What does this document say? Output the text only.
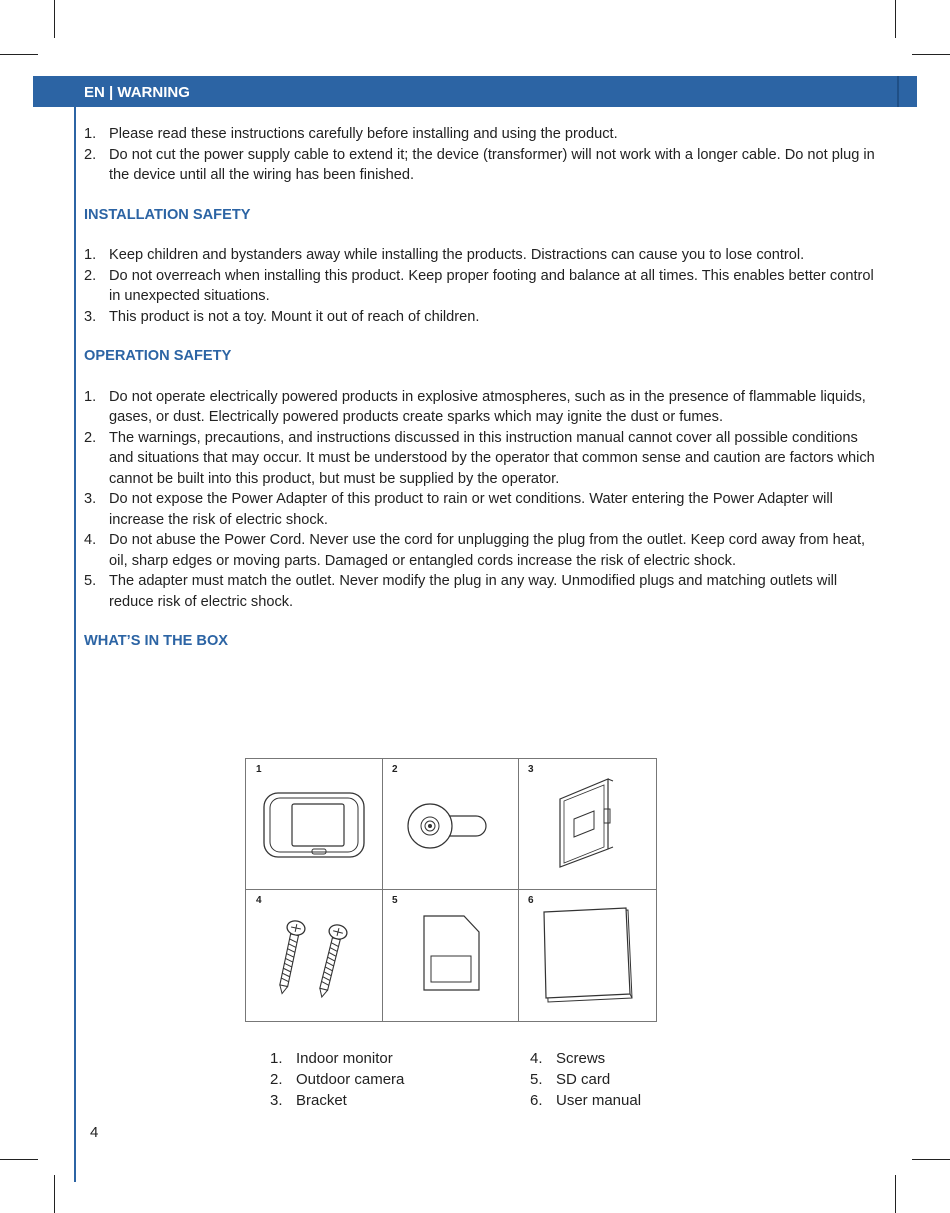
EN | WARNING
1. Please read these instructions carefully before installing and using the product.
2. Do not cut the power supply cable to extend it; the device (transformer) will not work with a longer cable. Do not plug in the device until all the wiring has been finished.
INSTALLATION SAFETY
1. Keep children and bystanders away while installing the products. Distractions can cause you to lose control.
2. Do not overreach when installing this product. Keep proper footing and balance at all times. This enables better control in unexpected situations.
3. This product is not a toy. Mount it out of reach of children.
OPERATION SAFETY
1. Do not operate electrically powered products in explosive atmospheres, such as in the presence of flammable liquids, gases, or dust. Electrically powered products create sparks which may ignite the dust or fumes.
2. The warnings, precautions, and instructions discussed in this instruction manual cannot cover all possible conditions and situations that may occur. It must be understood by the operator that common sense and caution are factors which cannot be built into this product, but must be supplied by the operator.
3. Do not expose the Power Adapter of this product to rain or wet conditions. Water entering the Power Adapter will increase the risk of electric shock.
4. Do not abuse the Power Cord. Never use the cord for unplugging the plug from the outlet. Keep cord away from heat, oil, sharp edges or moving parts. Damaged or entangled cords increase the risk of electric shock.
5. The adapter must match the outlet. Never modify the plug in any way. Unmodified plugs and matching outlets will reduce risk of electric shock.
WHAT’S IN THE BOX
1	2	3
4	5	6
1. Indoor monitor
2. Outdoor camera
3. Bracket
4. Screws
5. SD card
6. User manual
4
